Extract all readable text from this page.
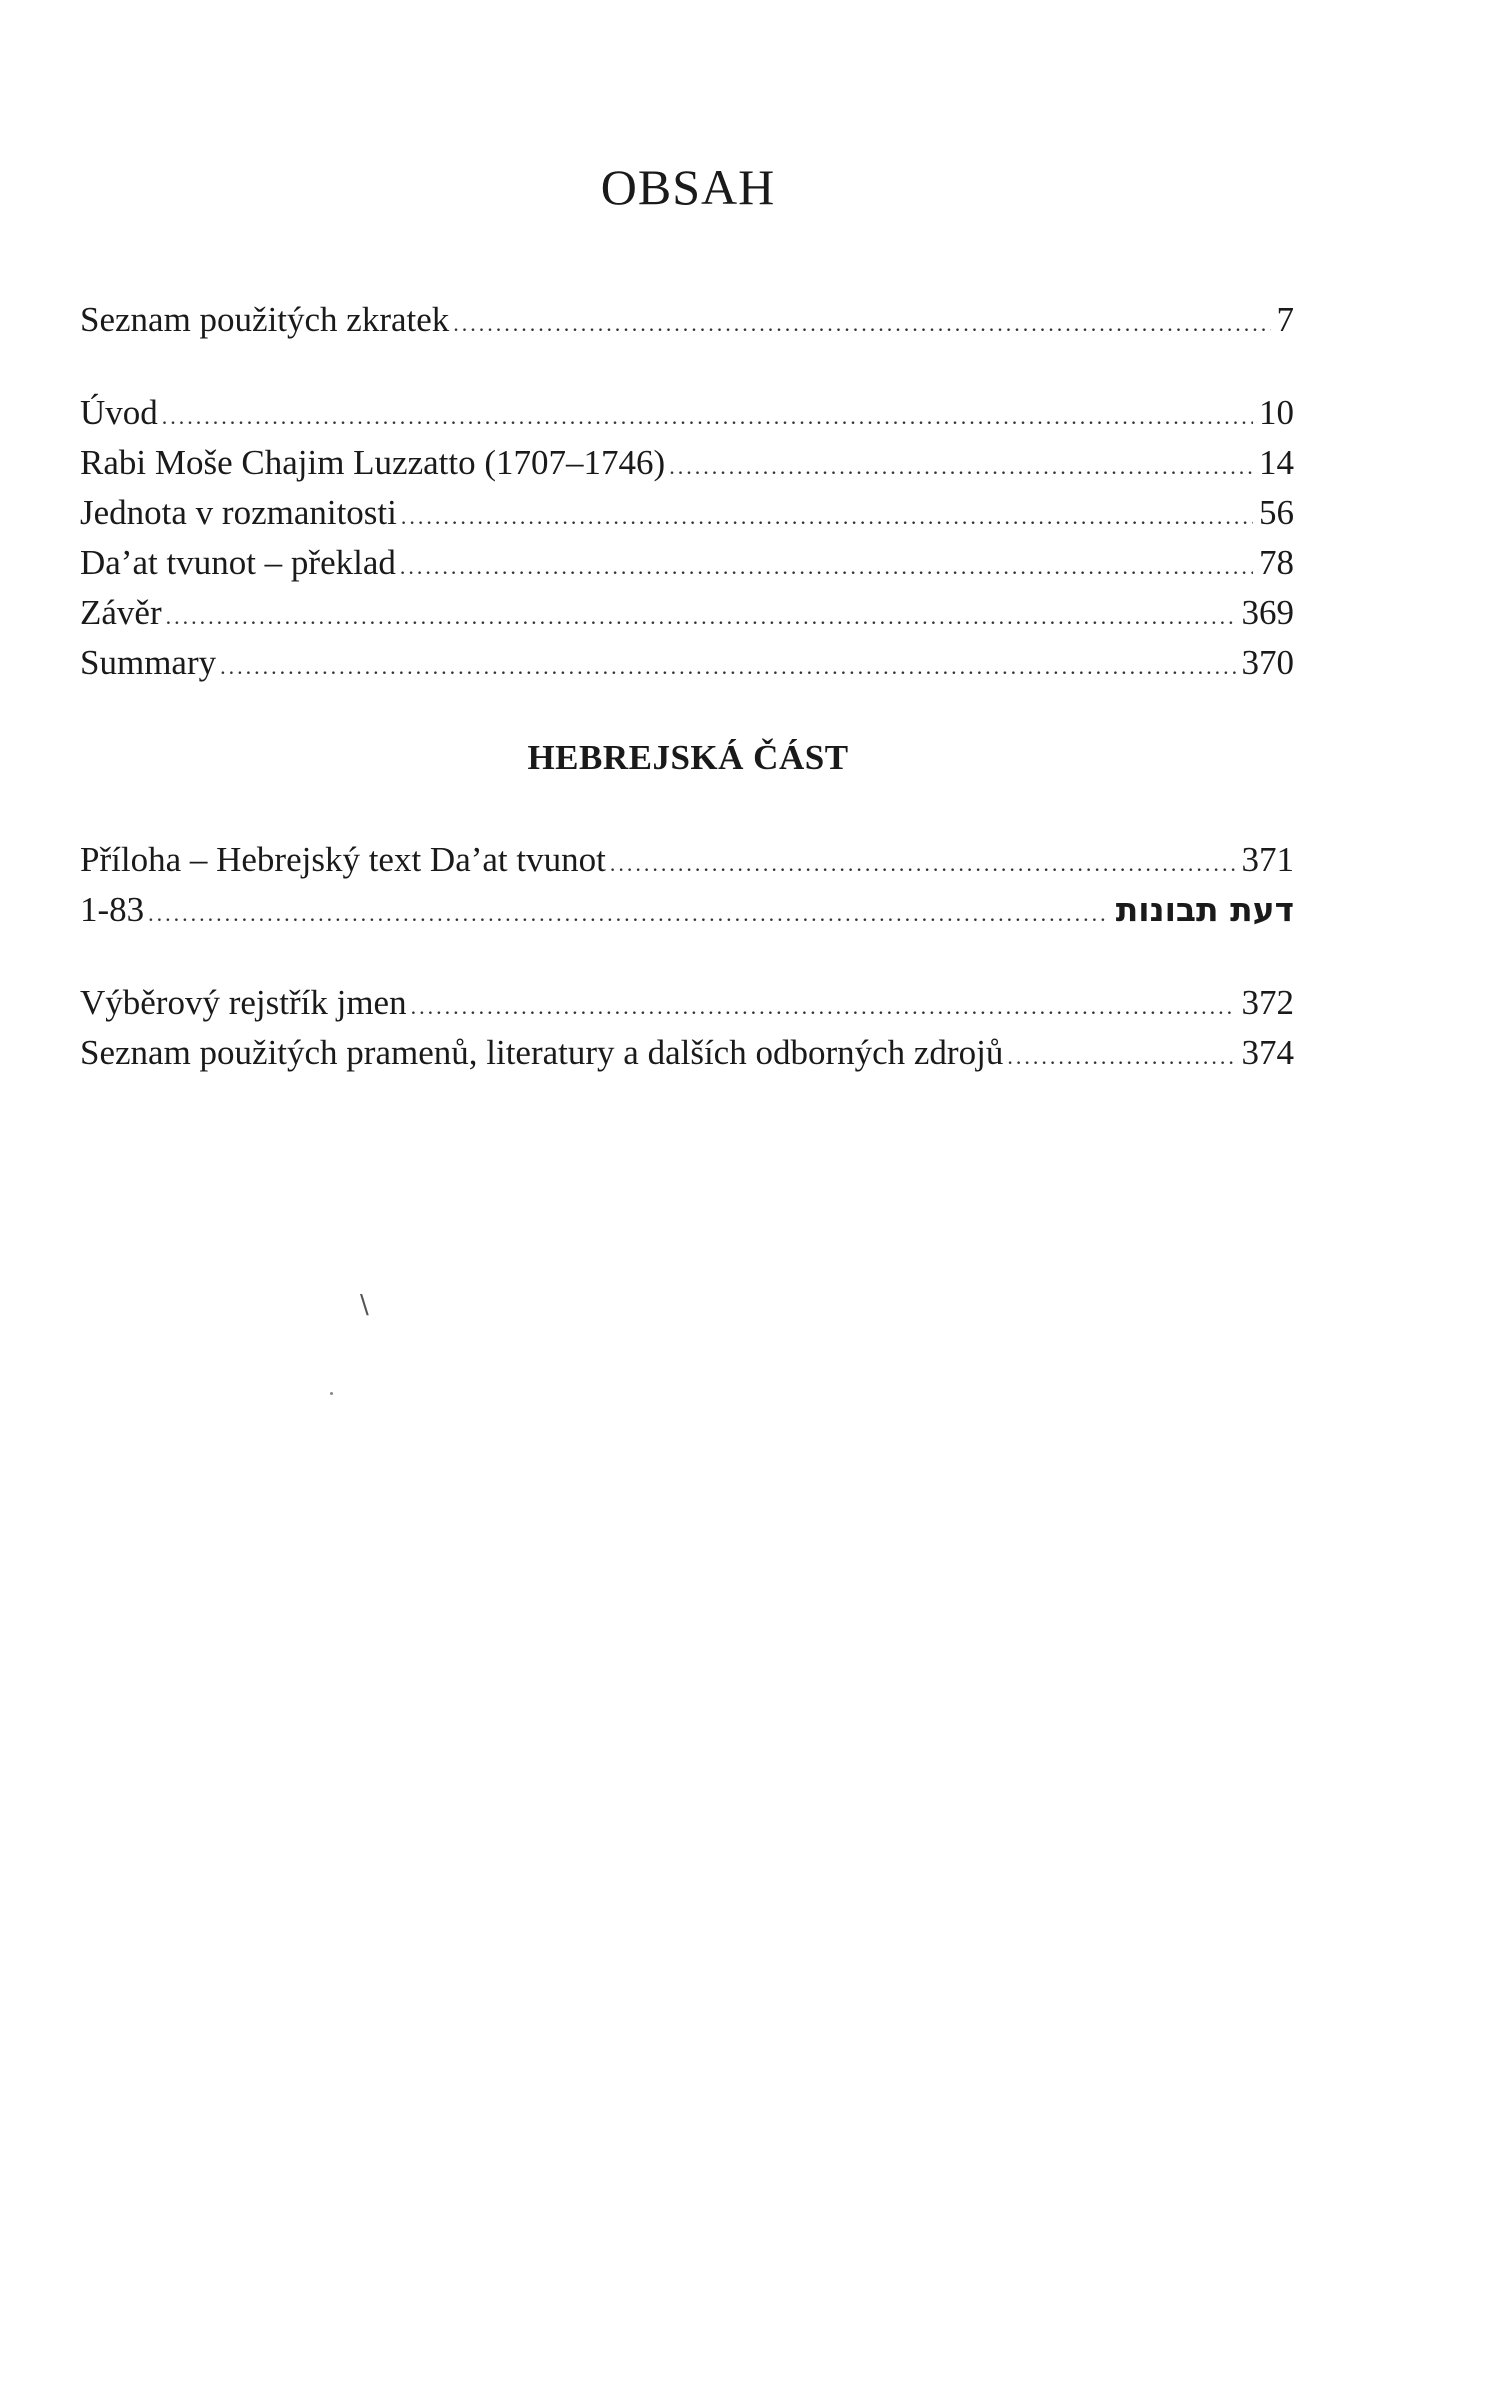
OBSAH
Seznam použitých zkratek .....	7
Úvod .....	10
Rabi Moše Chajim Luzzatto (1707–1746) .....	14
Jednota v rozmanitosti .....	56
Da’at tvunot – překlad .....	78
Závěr .....	369
Summary .....	370
HEBREJSKÁ ČÁST
Příloha – Hebrejský text Da’at tvunot .....	371
1-83 .....	דעת תבונות
Výběrový rejstřík jmen .....	372
Seznam použitých pramenů, literatury a dalších odborných zdrojů .....	374
\
